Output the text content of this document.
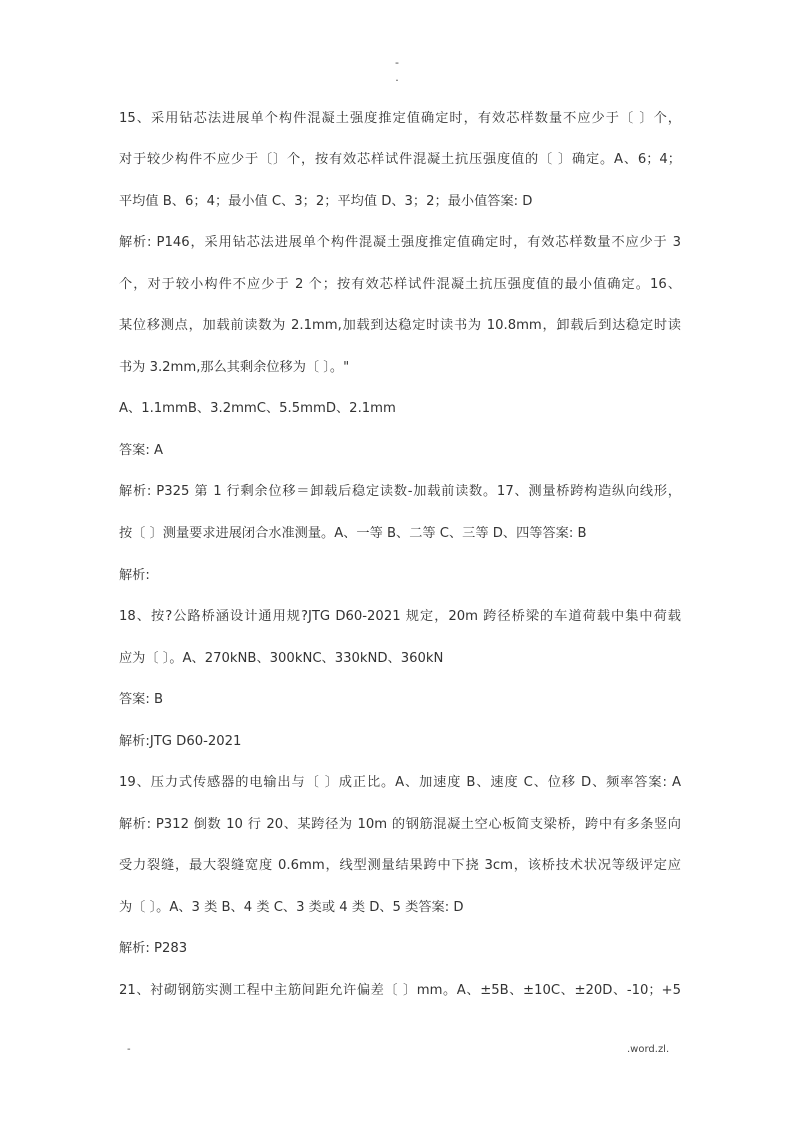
-
.
15、采用钻芯法进展单个构件混凝土强度推定值确定时，有效芯样数量不应少于〔 〕个，
对于较少构件不应少于〔〕个，按有效芯样试件混凝土抗压强度值的〔 〕确定。A、6；4；
平均值 B、6；4；最小值 C、3；2；平均值 D、3；2；最小值答案: D
解析: P146，采用钻芯法进展单个构件混凝土强度推定值确定时，有效芯样数量不应少于 3
个，对于较小构件不应少于 2 个；按有效芯样试件混凝土抗压强度值的最小值确定。16、
某位移测点，加载前读数为 2.1mm,加载到达稳定时读书为 10.8mm，卸载后到达稳定时读
书为 3.2mm,那么其剩余位移为〔 〕。"
A、1.1mmB、3.2mmC、5.5mmD、2.1mm
答案: A
解析: P325 第 1 行剩余位移＝卸载后稳定读数-加载前读数。17、测量桥跨构造纵向线形，
按〔 〕测量要求进展闭合水准测量。A、一等 B、二等 C、三等 D、四等答案: B
解析:
18、按?公路桥涵设计通用规?JTG D60-2021 规定，20m 跨径桥梁的车道荷载中集中荷载
应为〔 〕。A、270kNB、300kNC、330kND、360kN
答案: B
解析:JTG D60-2021
19、压力式传感器的电输出与〔 〕成正比。A、加速度 B、速度 C、位移 D、频率答案: A
解析: P312 倒数 10 行 20、某跨径为 10m 的钢筋混凝土空心板简支梁桥，跨中有多条竖向
受力裂缝，最大裂缝宽度 0.6mm，线型测量结果跨中下挠 3cm，该桥技术状况等级评定应
为〔 〕。A、3 类 B、4 类 C、3 类或 4 类 D、5 类答案: D
解析: P283
21、衬砌钢筋实测工程中主筋间距允许偏差〔 〕mm。A、±5B、±10C、±20D、-10；+5
-	.word.zl.
